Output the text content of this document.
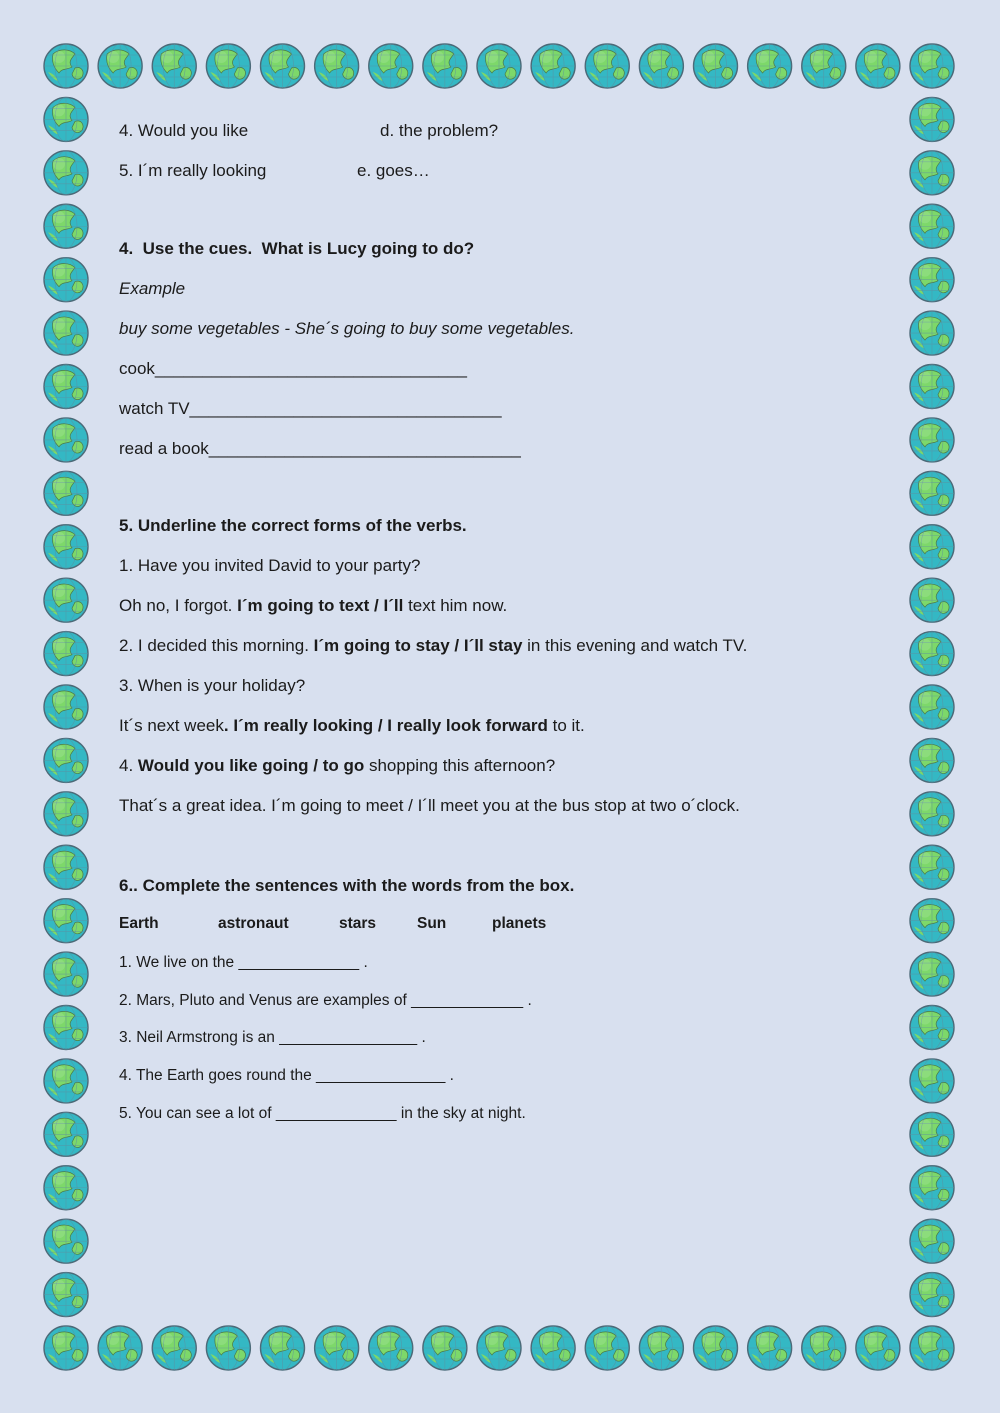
4. Would you like	d. the problem?
5. I´m really looking	e. goes…
4.  Use the cues.  What is Lucy going to do?
Example
buy some vegetables - She´s going to buy some vegetables.
cook_________________________________
watch TV_________________________________
read a book_________________________________
5. Underline the correct forms of the verbs.
1. Have you invited David to your party?
Oh no, I forgot. I´m going to text / I´ll text him now.
2. I decided this morning. I´m going to stay / I´ll stay in this evening and watch TV.
3. When is your holiday?
It´s next week. I´m really looking / I really look forward to it.
4. Would you like going / to go shopping this afternoon?
That´s a great idea. I´m going to meet / I´ll meet you at the bus stop at two o´clock.
6.. Complete the sentences with the words from the box.
Earth	astronaut	stars	Sun	planets
1. We live on the ______________ .
2. Mars, Pluto and Venus are examples of _____________ .
3. Neil Armstrong is an ________________ .
4. The Earth goes round the _______________ .
5. You can see a lot of ______________ in the sky at night.
